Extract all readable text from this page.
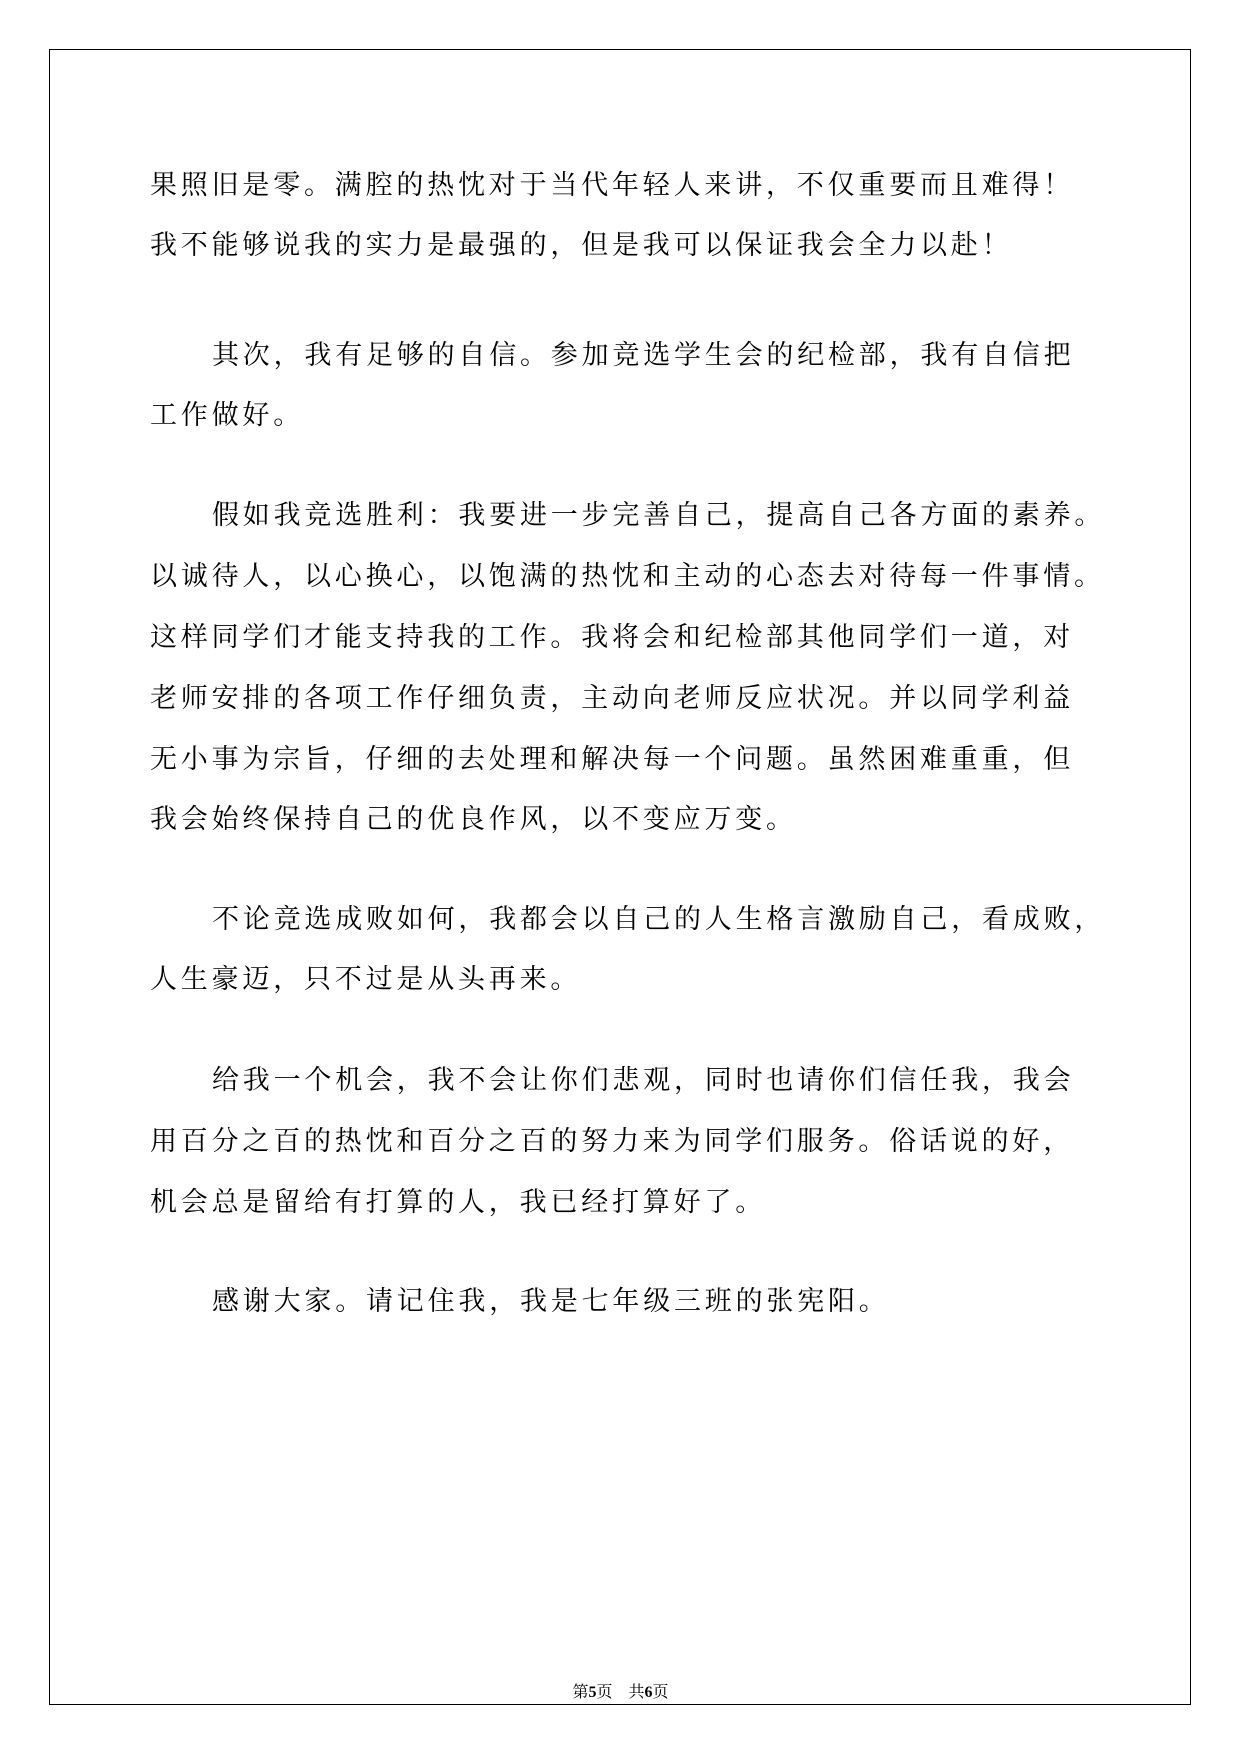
果照旧是零。满腔的热忱对于当代年轻人来讲，不仅重要而且难得！
我不能够说我的实力是最强的，但是我可以保证我会全力以赴！
其次，我有足够的自信。参加竞选学生会的纪检部，我有自信把
工作做好。
假如我竞选胜利：我要进一步完善自己，提高自己各方面的素养。
以诚待人，以心换心，以饱满的热忱和主动的心态去对待每一件事情。
这样同学们才能支持我的工作。我将会和纪检部其他同学们一道，对
老师安排的各项工作仔细负责，主动向老师反应状况。并以同学利益
无小事为宗旨，仔细的去处理和解决每一个问题。虽然困难重重，但
我会始终保持自己的优良作风，以不变应万变。
不论竞选成败如何，我都会以自己的人生格言激励自己，看成败，
人生豪迈，只不过是从头再来。
给我一个机会，我不会让你们悲观，同时也请你们信任我，我会
用百分之百的热忱和百分之百的努力来为同学们服务。俗话说的好，
机会总是留给有打算的人，我已经打算好了。
感谢大家。请记住我，我是七年级三班的张宪阳。
第5页 共6页
